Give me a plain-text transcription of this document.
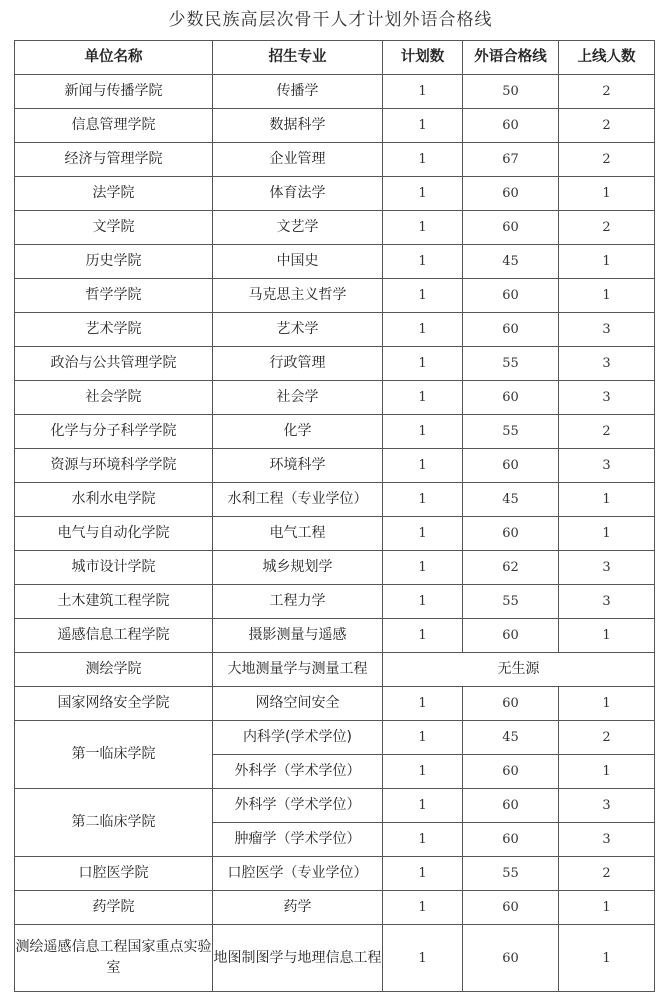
少数民族高层次骨干人才计划外语合格线
单位名称	招生专业	计划数	外语合格线	上线人数
新闻与传播学院	传播学	1	50	2
信息管理学院	数据科学	1	60	2
经济与管理学院	企业管理	1	67	2
法学院	体育法学	1	60	1
文学院	文艺学	1	60	2
历史学院	中国史	1	45	1
哲学学院	马克思主义哲学	1	60	1
艺术学院	艺术学	1	60	3
政治与公共管理学院	行政管理	1	55	3
社会学院	社会学	1	60	3
化学与分子科学学院	化学	1	55	2
资源与环境科学学院	环境科学	1	60	3
水利水电学院	水利工程（专业学位）	1	45	1
电气与自动化学院	电气工程	1	60	1
城市设计学院	城乡规划学	1	62	3
土木建筑工程学院	工程力学	1	55	3
遥感信息工程学院	摄影测量与遥感	1	60	1
测绘学院	大地测量学与测量工程	无生源		
国家网络安全学院	网络空间安全	1	60	1
第一临床学院	内科学(学术学位)	1	45	2
	外科学（学术学位）	1	60	1
第二临床学院	外科学（学术学位）	1	60	3
	肿瘤学（学术学位）	1	60	3
口腔医学院	口腔医学（专业学位）	1	55	2
药学院	药学	1	60	1
测绘遥感信息工程国家重点实验室	地图制图学与地理信息工程	1	60	1
